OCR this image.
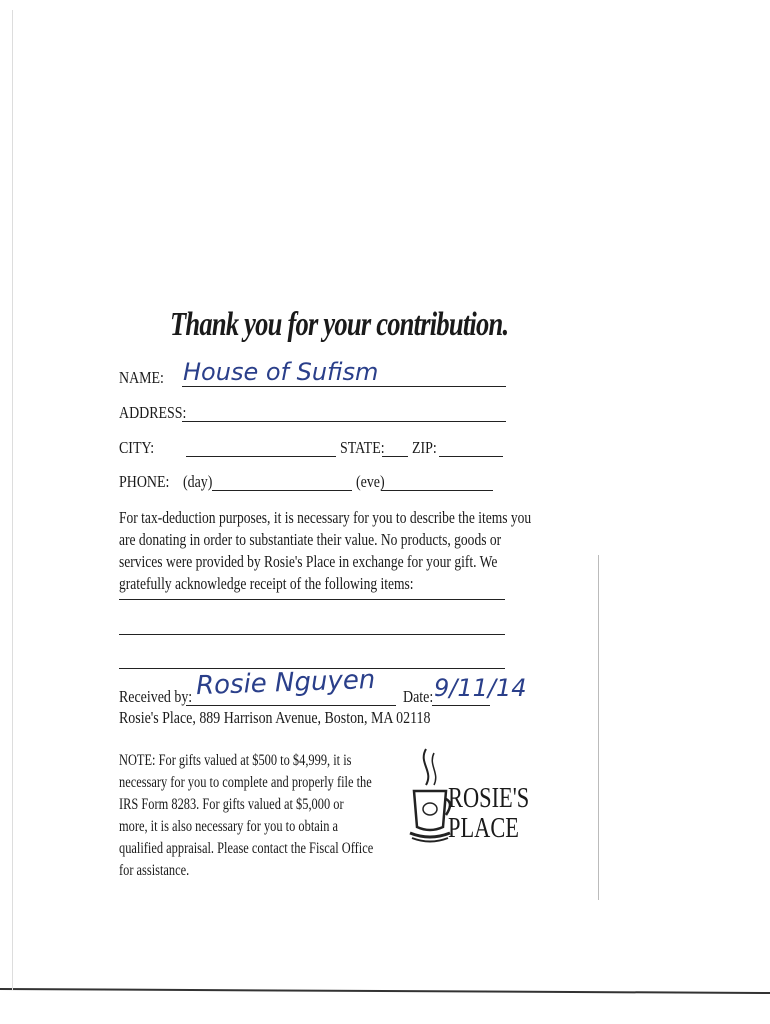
Thank you for your contribution.
NAME: House of Sufism
ADDRESS:
CITY:	STATE: ZIP:
PHONE: (day)	(eve)
For tax-deduction purposes, it is necessary for you to describe the items you are donating in order to substantiate their value. No products, goods or services were provided by Rosie's Place in exchange for your gift. We gratefully acknowledge receipt of the following items:
Received by: Rosie Nguyen Date: 9/11/14
Rosie's Place, 889 Harrison Avenue, Boston, MA 02118
NOTE: For gifts valued at $500 to $4,999, it is necessary for you to complete and properly file the IRS Form 8283. For gifts valued at $5,000 or more, it is also necessary for you to obtain a qualified appraisal. Please contact the Fiscal Office for assistance.
ROSIE'S
PLACE
